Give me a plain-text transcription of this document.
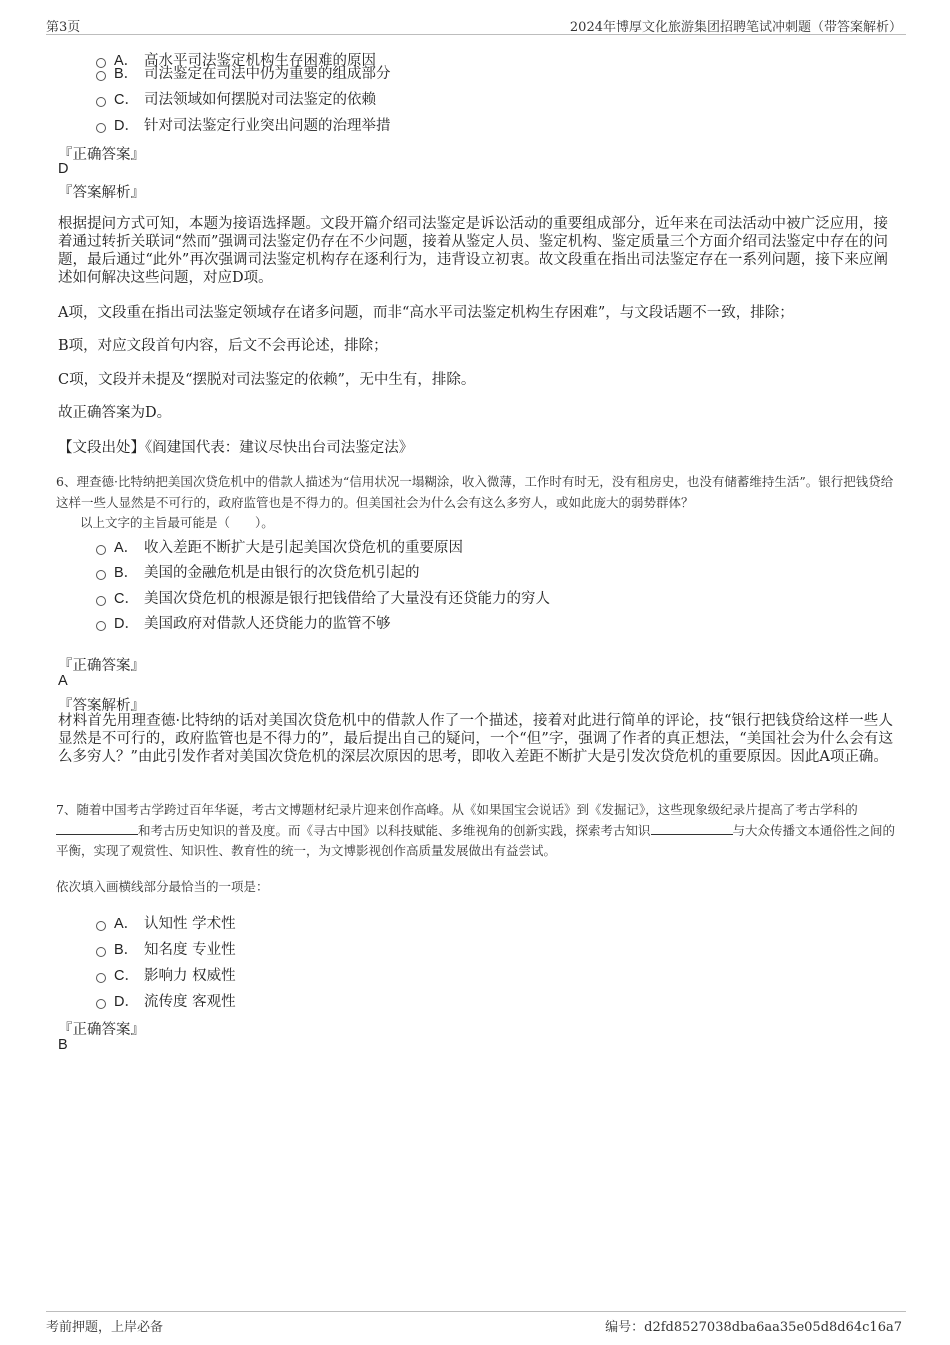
第3页	2024年博厚文化旅游集团招聘笔试冲刺题（带答案解析）
A． 高水平司法鉴定机构生存困难的原因
B． 司法鉴定在司法中仍为重要的组成部分
C． 司法领域如何摆脱对司法鉴定的依赖
D． 针对司法鉴定行业突出问题的治理举措
『正确答案』
D
『答案解析』
根据提问方式可知，本题为接语选择题。文段开篇介绍司法鉴定是诉讼活动的重要组成部分，近年来在司法活动中被广泛应用，接着通过转折关联词“然而”强调司法鉴定仍存在不少问题，接着从鉴定人员、鉴定机构、鉴定质量三个方面介绍司法鉴定中存在的问题，最后通过“此外”再次强调司法鉴定机构存在逐利行为，违背设立初衷。故文段重在指出司法鉴定存在一系列问题，接下来应阐述如何解决这些问题，对应D项。
A项，文段重在指出司法鉴定领域存在诸多问题，而非“高水平司法鉴定机构生存困难”，与文段话题不一致，排除；
B项，对应文段首句内容，后文不会再论述，排除；
C项，文段并未提及“摆脱对司法鉴定的依赖”，无中生有，排除。
故正确答案为D。
【文段出处】《阎建国代表：建议尽快出台司法鉴定法》
6、理查德·比特纳把美国次贷危机中的借款人描述为“信用状况一塌糊涂，收入微薄，工作时有时无，没有租房史，也没有储蓄维持生活”。银行把钱贷给这样一些人显然是不可行的，政府监管也是不得力的。但美国社会为什么会有这么多穷人，或如此庞大的弱势群体？
以上文字的主旨最可能是（　　）。
A． 收入差距不断扩大是引起美国次贷危机的重要原因
B． 美国的金融危机是由银行的次贷危机引起的
C． 美国次贷危机的根源是银行把钱借给了大量没有还贷能力的穷人
D． 美国政府对借款人还贷能力的监管不够
『正确答案』
A
『答案解析』
材料首先用理查德·比特纳的话对美国次贷危机中的借款人作了一个描述，接着对此进行简单的评论，技“银行把钱贷给这样一些人显然是不可行的，政府监管也是不得力的”，最后提出自己的疑问，一个“但”字，强调了作者的真正想法，“美国社会为什么会有这么多穷人？”由此引发作者对美国次贷危机的深层次原因的思考，即收入差距不断扩大是引发次贷危机的重要原因。因此A项正确。
7、随着中国考古学跨过百年华诞，考古文博题材纪录片迎来创作高峰。从《如果国宝会说话》到《发掘记》，这些现象级纪录片提高了考古学科的和考古历史知识的普及度。而《寻古中国》以科技赋能、多维视角的创新实践，探索考古知识	与大众传播文本通俗性之间的平衡，实现了观赏性、知识性、教育性的统一，为文博影视创作高质量发展做出有益尝试。
依次填入画横线部分最恰当的一项是：
A． 认知性 学术性
B． 知名度 专业性
C． 影响力 权威性
D． 流传度 客观性
『正确答案』
B
考前押题，上岸必备	编号：d2fd8527038dba6aa35e05d8d64c16a7
